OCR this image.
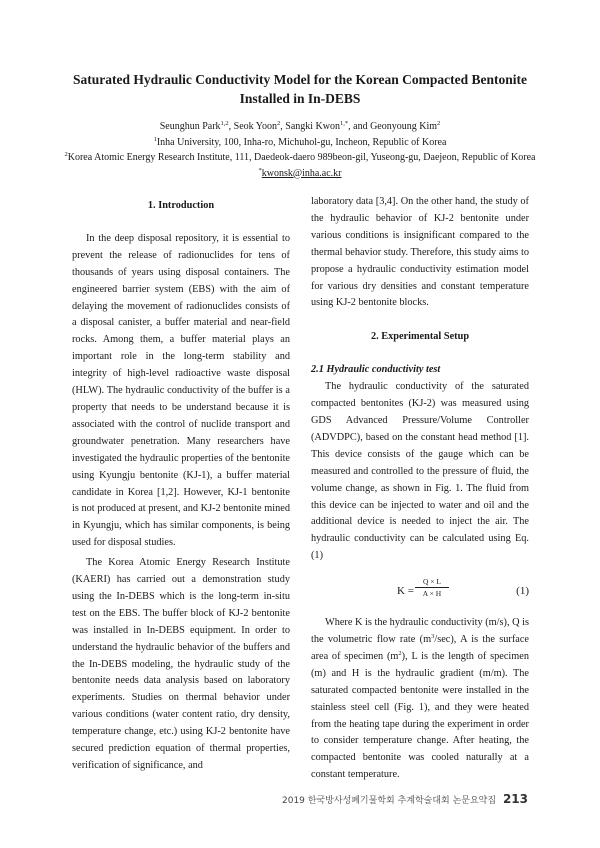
Saturated Hydraulic Conductivity Model for the Korean Compacted Bentonite
Installed in In-DEBS
Seunghun Park$^{1,2}$, Seok Yoon$^2$, Sangki Kwon$^{1,*}$, and Geonyoung Kim$^2$
$^1$Inha University, 100, Inha-ro, Michuhol-gu, Incheon, Republic of Korea
$^2$Korea Atomic Energy Research Institute, 111, Daedeok-daero 989beon-gil, Yuseong-gu, Daejeon, Republic of Korea
*kwonsk@inha.ac.kr
1. Introduction

In the deep disposal repository, it is essential to prevent the release of radionuclides for tens of thousands of years using disposal containers. The engineered barrier system (EBS) with the aim of delaying the movement of radionuclides consists of a disposal canister, a buffer material and near-field rocks. Among them, a buffer material plays an important role in the long-term stability and integrity of high-level radioactive waste disposal (HLW). The hydraulic conductivity of the buffer is a property that needs to be understand because it is associated with the control of nuclide transport and groundwater penetration. Many researchers have investigated the hydraulic properties of the bentonite using Kyungju bentonite (KJ-1), a buffer material candidate in Korea [1,2]. However, KJ-1 bentonite is not produced at present, and KJ-2 bentonite mined in Kyungju, which has similar components, is being used for disposal studies.

The Korea Atomic Energy Research Institute (KAERI) has carried out a demonstration study using the In-DEBS which is the long-term in-situ test on the EBS. The buffer block of KJ-2 bentonite was installed in In-DEBS equipment. In order to understand the hydraulic behavior of the buffers and the In-DEBS modeling, the hydraulic study of the bentonite needs data analysis based on laboratory experiments. Studies on thermal behavior under various conditions (water content ratio, dry density, temperature change, etc.) using KJ-2 bentonite have secured prediction equation of thermal properties, verification of significance, and

laboratory data [3,4]. On the other hand, the study of the hydraulic behavior of KJ-2 bentonite under various conditions is insignificant compared to the thermal behavior study. Therefore, this study aims to propose a hydraulic conductivity estimation model for various dry densities and constant temperature using KJ-2 bentonite blocks.

2. Experimental Setup
2.1 Hydraulic conductivity test

The hydraulic conductivity of the saturated compacted bentonites (KJ-2) was measured using GDS Advanced Pressure/Volume Controller (ADVDPC), based on the constant head method [1]. This device consists of the gauge which can be measured and controlled to the pressure of fluid, the volume change, as shown in Fig. 1. The fluid from this device can be injected to water and oil and the additional device is needed to inject the air. The hydraulic conductivity can be calculated using Eq. (1)

$K = \frac{Q \times L}{A \times H}$	(1)

Where K is the hydraulic conductivity (m/s), Q is the volumetric flow rate $(m^3/\sec)$, A is the surface area of specimen $(m^2)$, L is the length of specimen (m) and H is the hydraulic gradient (m/m). The saturated compacted bentonite were installed in the stainless steel cell (Fig. 1), and they were heated from the heating tape during the experiment in order to consider temperature change. After heating, the compacted bentonite was cooled naturally at a constant temperature.

2019 한국방사성폐기물학회 추계학술대회 논문요약집 213
